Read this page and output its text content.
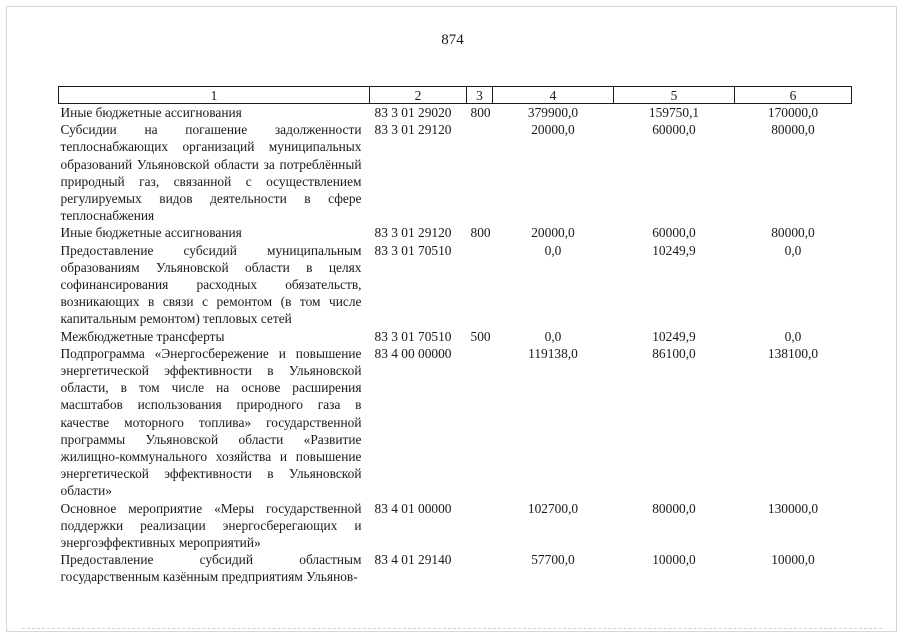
874
1	2	3	4	5	6
Иные бюджетные ассигнования	83 3 01 29020	800	379900,0	159750,1	170000,0
Субсидии на погашение задолженности теплоснабжающих организаций муниципальных образований Ульяновской области за потреблённый природный газ, связанной с осуществлением регулируемых видов деятельности в сфере теплоснабжения	83 3 01 29120		20000,0	60000,0	80000,0
Иные бюджетные ассигнования	83 3 01 29120	800	20000,0	60000,0	80000,0
Предоставление субсидий муниципальным образованиям Ульяновской области в целях софинансирования расходных обязательств, возникающих в связи с ремонтом (в том числе капитальным ремонтом) тепловых сетей	83 3 01 70510		0,0	10249,9	0,0
Межбюджетные трансферты	83 3 01 70510	500	0,0	10249,9	0,0
Подпрограмма «Энергосбережение и повышение энергетической эффективности в Ульяновской области, в том числе на основе расширения масштабов использования природного газа в качестве моторного топлива» государственной программы Ульяновской области «Развитие жилищно-коммунального хозяйства и повышение энергетической эффективности в Ульяновской области»	83 4 00 00000		119138,0	86100,0	138100,0
Основное мероприятие «Меры государственной поддержки реализации энергосберегающих и энергоэффективных мероприятий»	83 4 01 00000		102700,0	80000,0	130000,0
Предоставление субсидий областным государственным казённым предприятиям Ульянов-	83 4 01 29140		57700,0	10000,0	10000,0
